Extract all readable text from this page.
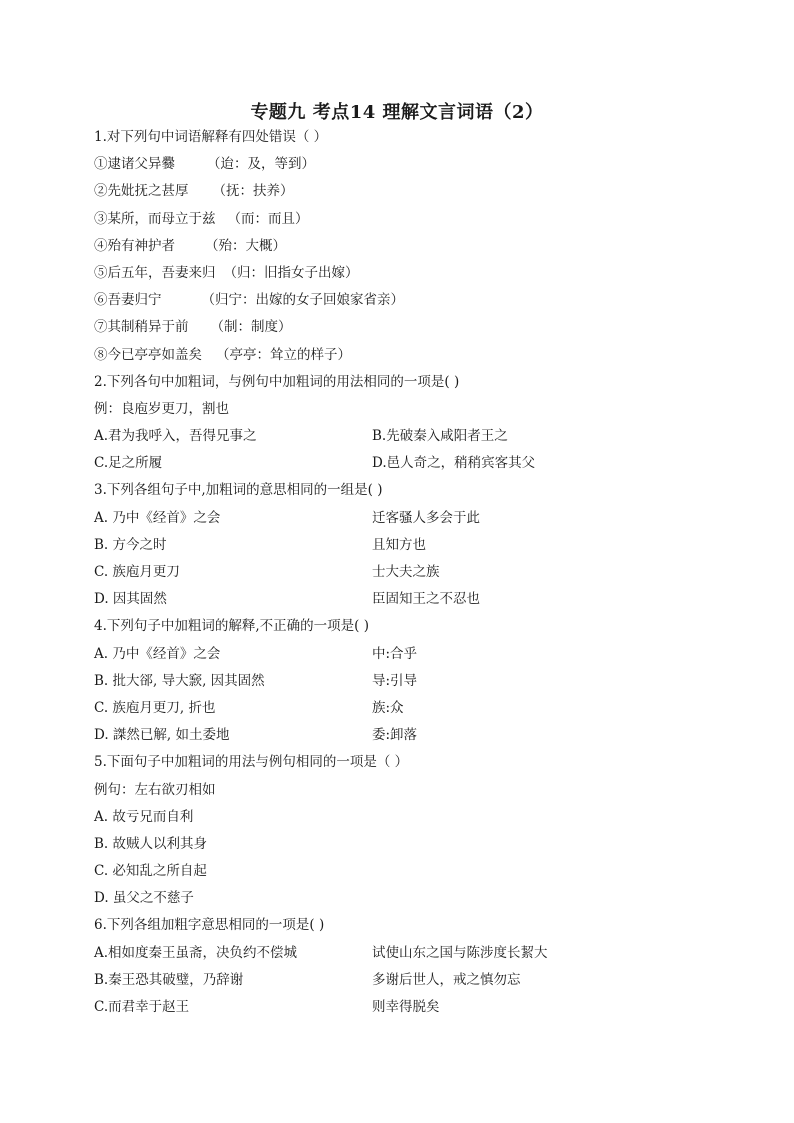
专题九 考点14 理解文言词语（2）
1.对下列句中词语解释有四处错误（ ）
①逮诸父异爨 （迨：及，等到）
②先妣抚之甚厚 （抚：扶养）
③某所，而母立于兹 （而：而且）
④殆有神护者 （殆：大概）
⑤后五年，吾妻来归 （归：旧指女子出嫁）
⑥吾妻归宁	（归宁：出嫁的女子回娘家省亲）
⑦其制稍异于前 （制：制度）
⑧今已亭亭如盖矣 （亭亭：耸立的样子）
2.下列各句中加粗词，与例句中加粗词的用法相同的一项是( )
例：良庖岁更刀，割也
A.君为我呼入，吾得兄事之	B.先破秦入咸阳者王之
C.足之所履	D.邑人奇之，稍稍宾客其父
3.下列各组句子中,加粗词的意思相同的一组是( )
A. 乃中《经首》之会	迁客骚人多会于此
B. 方今之时	且知方也
C. 族庖月更刀	士大夫之族
D. 因其固然	臣固知王之不忍也
4.下列句子中加粗词的解释,不正确的一项是( )
A. 乃中《经首》之会	中:合乎
B. 批大郤, 导大窾, 因其固然	导:引导
C. 族庖月更刀, 折也	族:众
D. 謋然已解, 如土委地	委:卸落
5.下面句子中加粗词的用法与例句相同的一项是（ ）
例句：左右欲刃相如
A. 故亏兄而自利
B. 故贼人以利其身
C. 必知乱之所自起
D. 虽父之不慈子
6.下列各组加粗字意思相同的一项是( )
A.相如度秦王虽斋，决负约不偿城	试使山东之国与陈涉度长絜大
B.秦王恐其破璧，乃辞谢	多谢后世人，戒之慎勿忘
C.而君幸于赵王	则幸得脱矣
